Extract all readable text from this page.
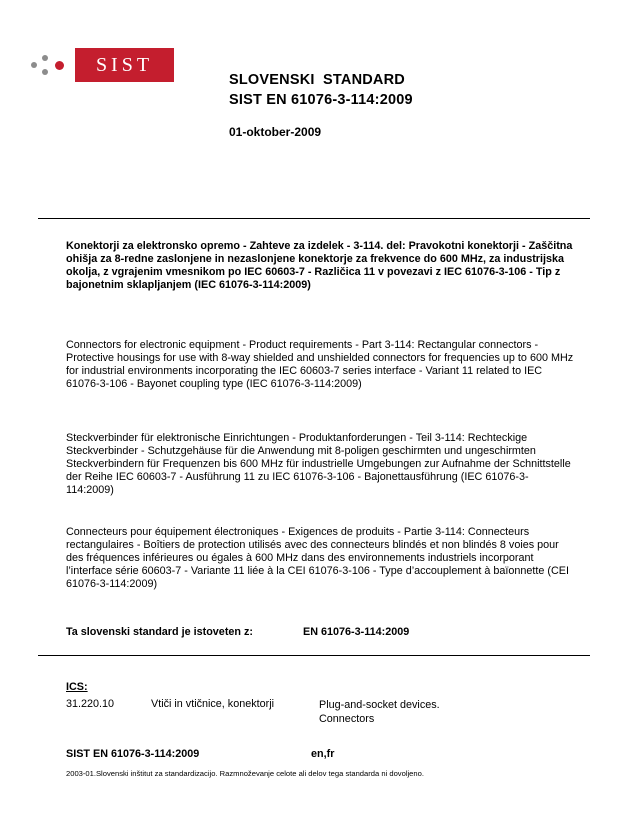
SIST
SLOVENSKI  STANDARD
SIST EN 61076-3-114:2009
01-oktober-2009
Konektorji za elektronsko opremo - Zahteve za izdelek - 3-114. del: Pravokotni konektorji - Zaščitna ohišja za 8-redne zaslonjene in nezaslonjene konektorje za frekvence do 600 MHz, za industrijska okolja, z vgrajenim vmesnikom po IEC 60603-7 - Različica 11 v povezavi z IEC 61076-3-106 - Tip z bajonetnim sklapljanjem (IEC 61076-3-114:2009)
Connectors for electronic equipment - Product requirements - Part 3-114: Rectangular connectors - Protective housings for use with 8-way shielded and unshielded connectors for frequencies up to 600 MHz for industrial environments incorporating the IEC 60603-7 series interface - Variant 11 related to IEC 61076-3-106 - Bayonet coupling type (IEC 61076-3-114:2009)
Steckverbinder für elektronische Einrichtungen - Produktanforderungen - Teil 3-114: Rechteckige Steckverbinder - Schutzgehäuse für die Anwendung mit 8-poligen geschirmten und ungeschirmten Steckverbindern für Frequenzen bis 600 MHz für industrielle Umgebungen zur Aufnahme der Schnittstelle der Reihe IEC 60603-7 - Ausführung 11 zu IEC 61076-3-106 - Bajonettausführung (IEC 61076-3-114:2009)
Connecteurs pour équipement électroniques - Exigences de produits - Partie 3-114: Connecteurs rectangulaires - Boîtiers de protection utilisés avec des connecteurs blindés et non blindés 8 voies pour des fréquences inférieures ou égales à 600 MHz dans des environnements industriels incorporant l’interface série 60603-7 - Variante 11 liée à la CEI 61076-3-106 - Type d’accouplement à baïonnette (CEI 61076-3-114:2009)
Ta slovenski standard je istoveten z:	EN 61076-3-114:2009
ICS:
31.220.10	Vtiči in vtičnice, konektorji	Plug-and-socket devices. Connectors
SIST EN 61076-3-114:2009	en,fr
2003-01.Slovenski inštitut za standardizacijo. Razmnoževanje celote ali delov tega standarda ni dovoljeno.
